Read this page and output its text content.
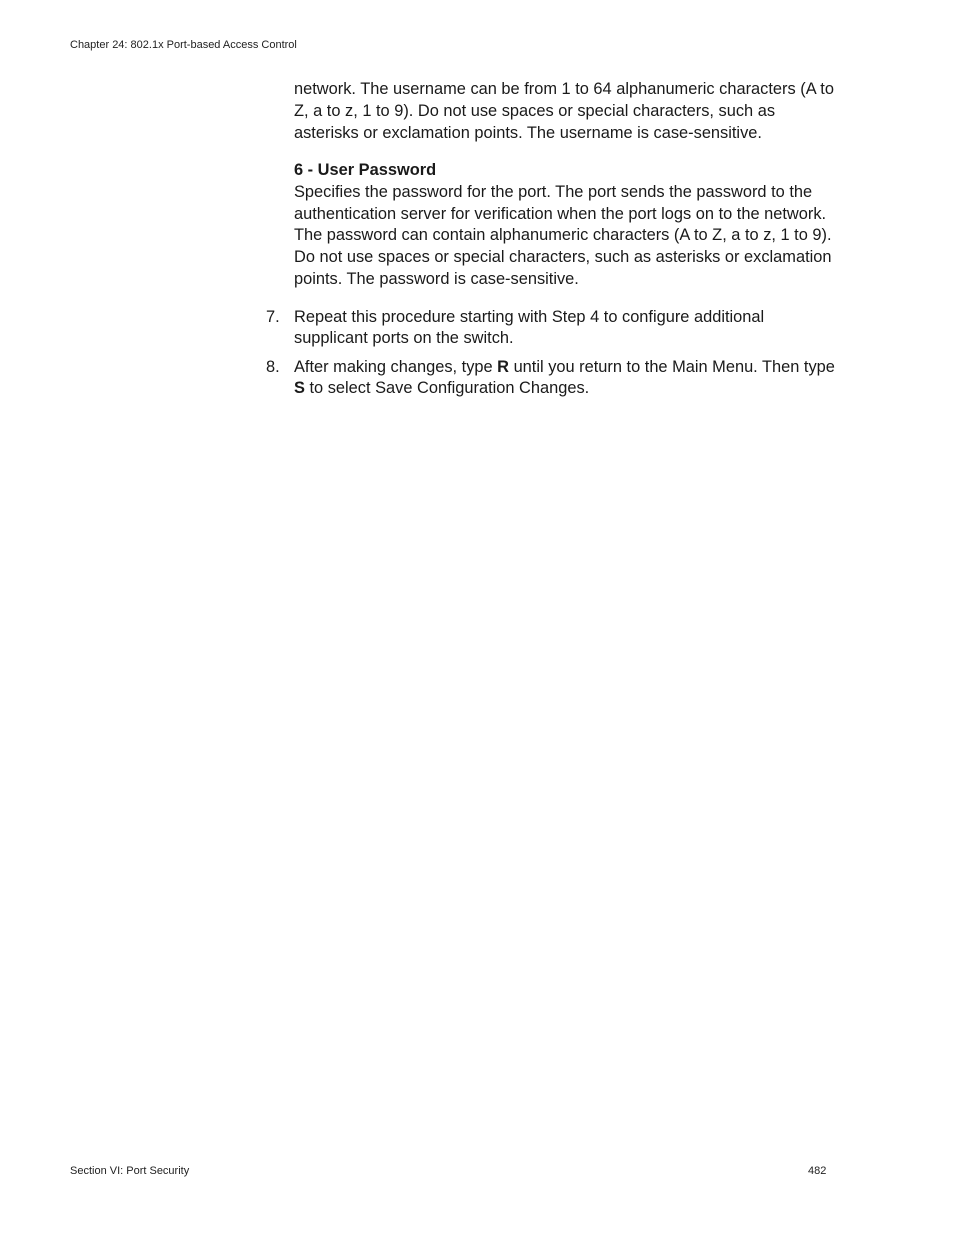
Chapter 24: 802.1x Port-based Access Control

network. The username can be from 1 to 64 alphanumeric characters (A to Z, a to z, 1 to 9). Do not use spaces or special characters, such as asterisks or exclamation points. The username is case-sensitive.

6 - User Password

Specifies the password for the port. The port sends the password to the authentication server for verification when the port logs on to the network. The password can contain alphanumeric characters (A to Z, a to z, 1 to 9). Do not use spaces or special characters, such as asterisks or exclamation points. The password is case-sensitive.

7. Repeat this procedure starting with Step 4 to configure additional supplicant ports on the switch.
8. After making changes, type R until you return to the Main Menu. Then type S to select Save Configuration Changes.
Section VI: Port Security	482
